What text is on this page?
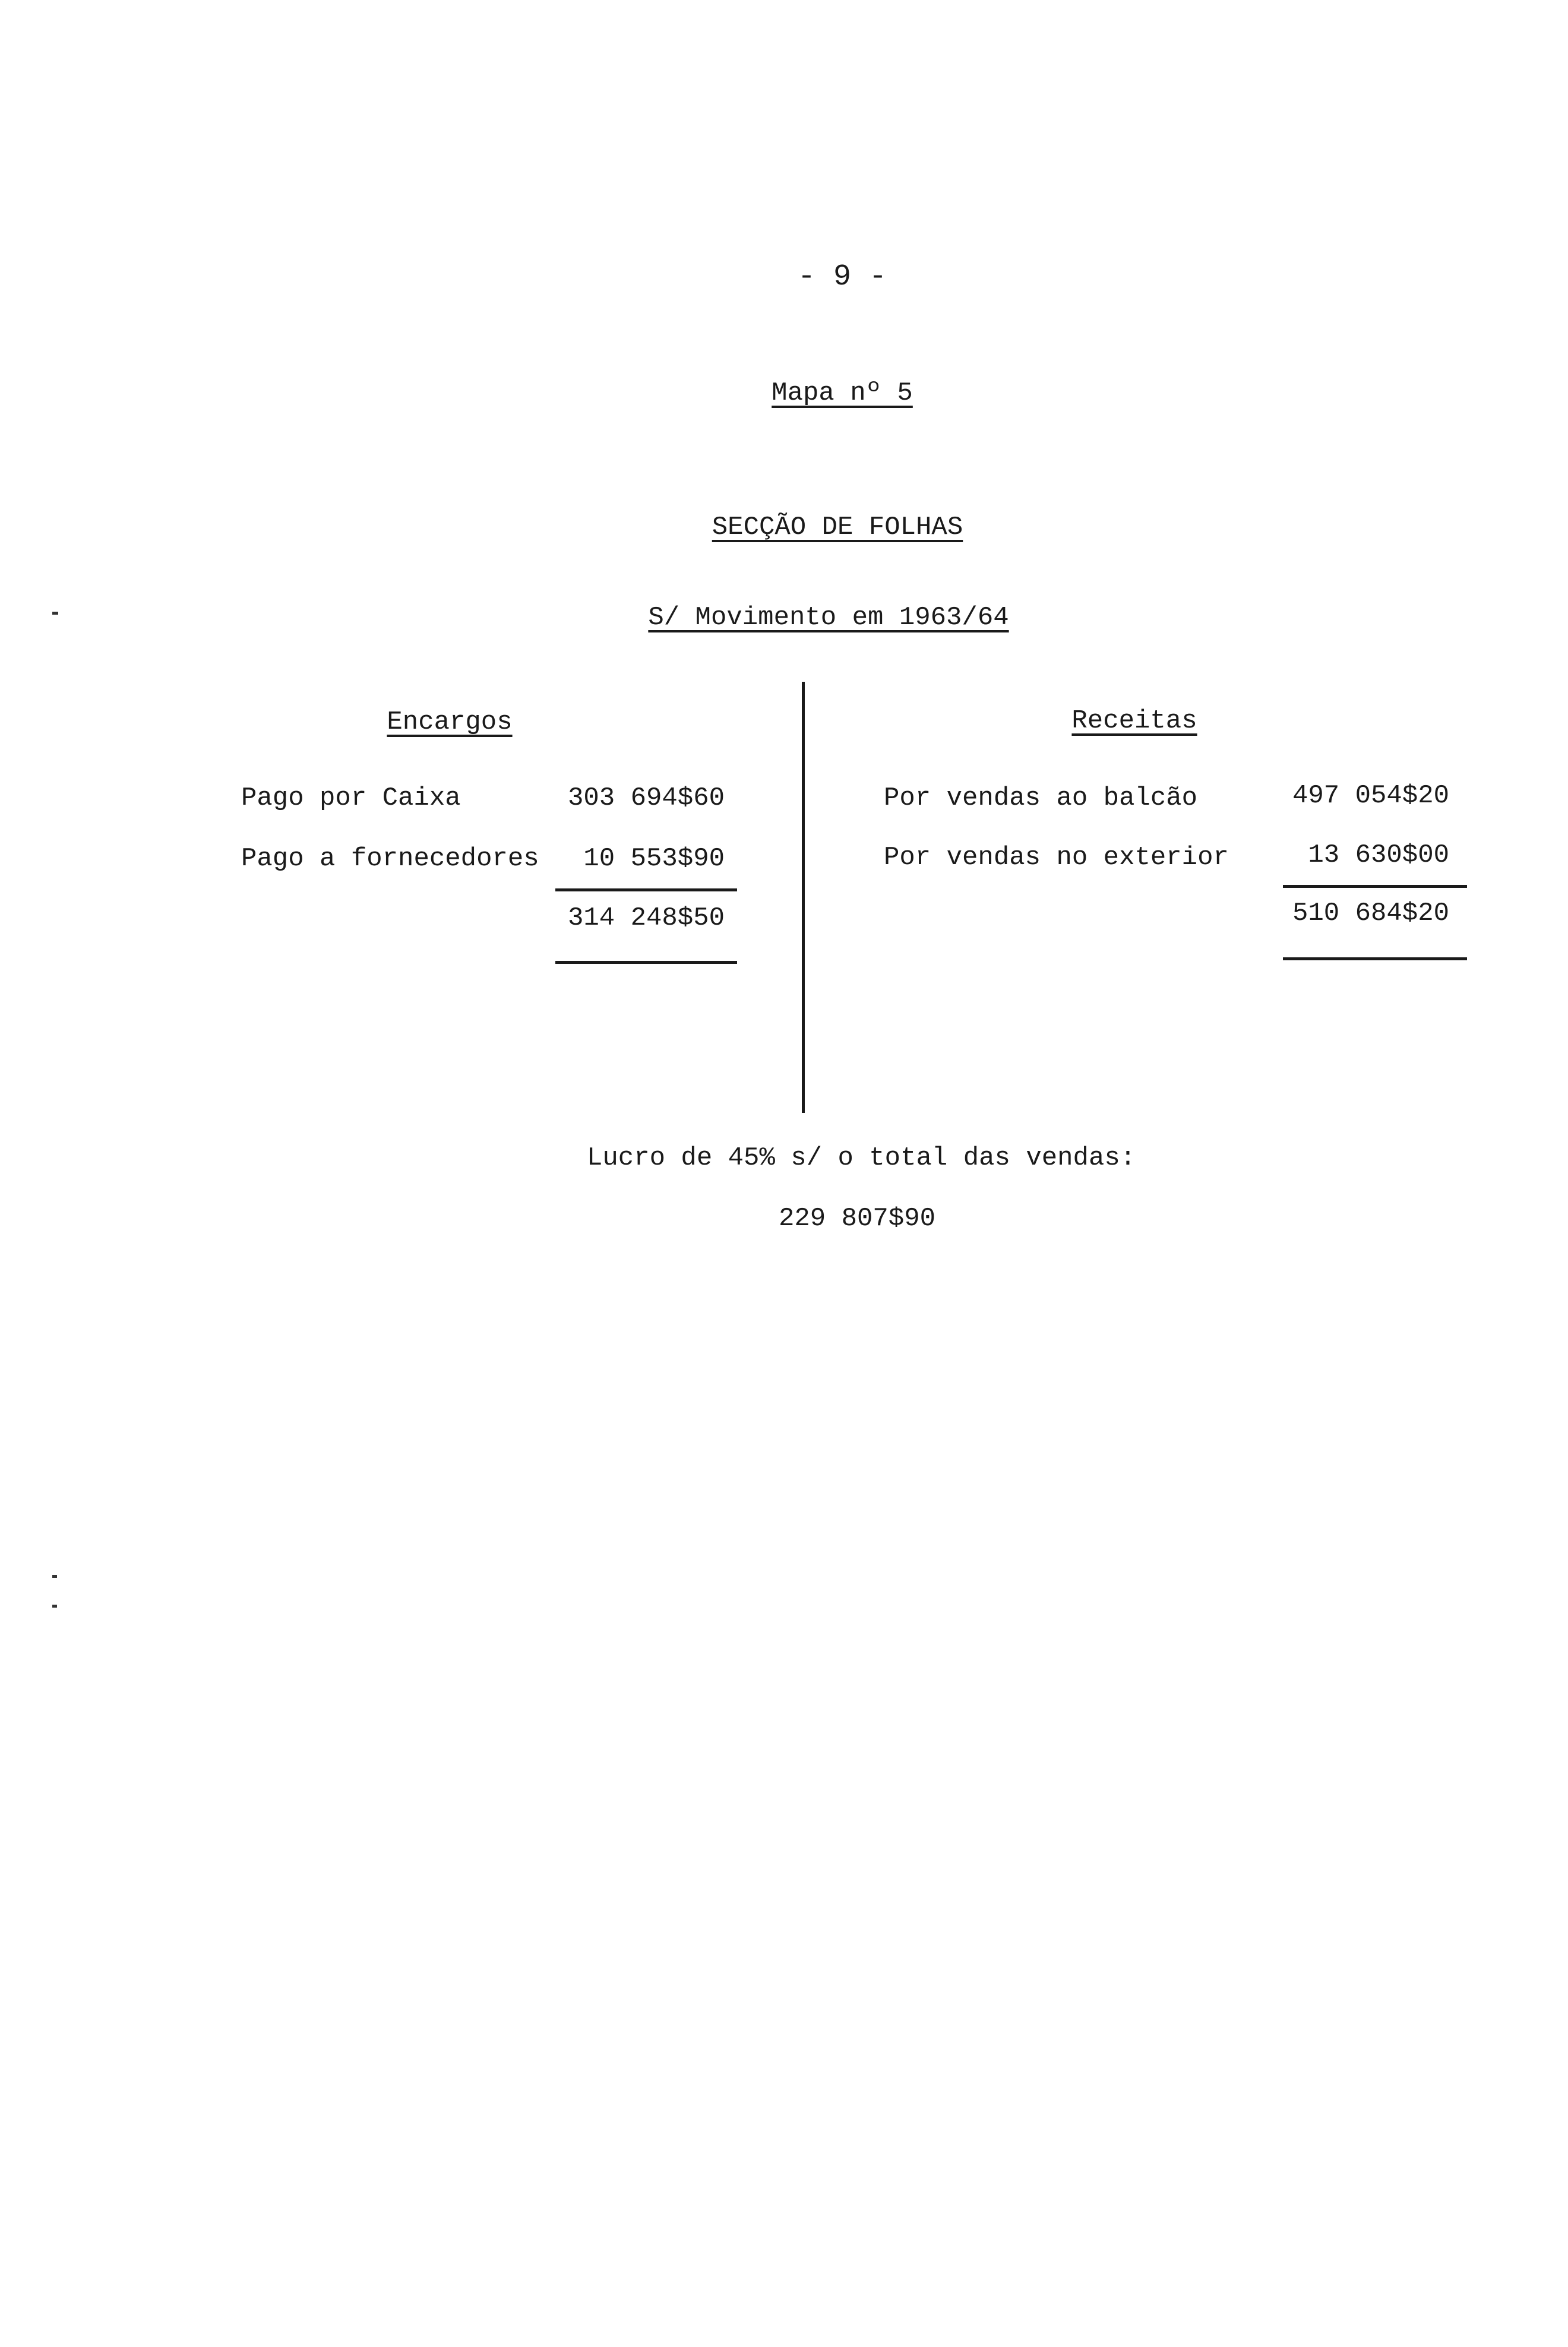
- 9 -
Mapa nº 5
SECÇÃO DE FOLHAS
S/ Movimento em 1963/64
Encargos
Pago por Caixa	303 694$60
Pago a fornecedores	10 553$90
314 248$50
Receitas
Por vendas ao balcão	497 054$20
Por vendas no exterior	13 630$00
510 684$20
Lucro de 45% s/ o total das vendas:
229 807$90
